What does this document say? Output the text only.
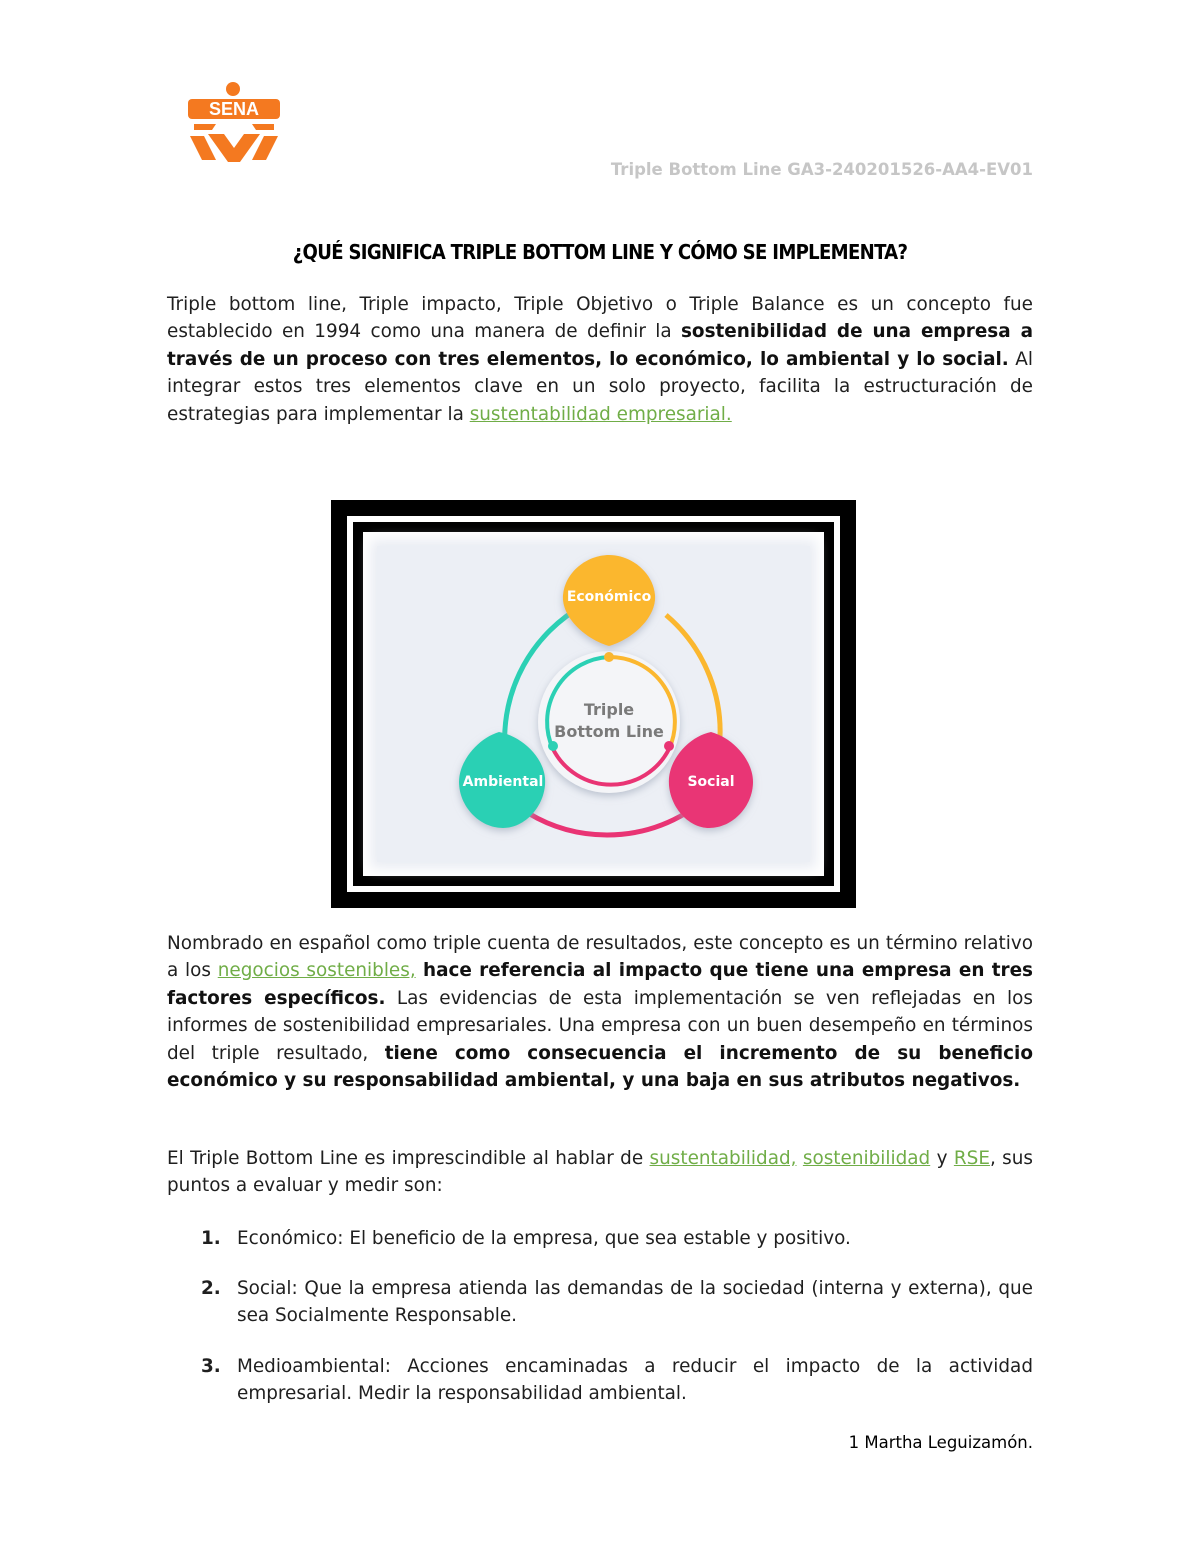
SENA
Triple Bottom Line GA3-240201526-AA4-EV01
¿QUÉ SIGNIFICA TRIPLE BOTTOM LINE Y CÓMO SE IMPLEMENTA?

Triple bottom line, Triple impacto, Triple Objetivo o Triple Balance es un concepto fue establecido en 1994 como una manera de definir la sostenibilidad de una empresa a través de un proceso con tres elementos, lo económico, lo ambiental y lo social. Al integrar estos tres elementos clave en un solo proyecto, facilita la estructuración de estrategias para implementar la sustentabilidad empresarial.

Triple
Bottom Line
Económico
Ambiental	Social

Nombrado en español como triple cuenta de resultados, este concepto es un término relativo a los negocios sostenibles, hace referencia al impacto que tiene una empresa en tres factores específicos. Las evidencias de esta implementación se ven reflejadas en los informes de sostenibilidad empresariales. Una empresa con un buen desempeño en términos del triple resultado, tiene como consecuencia el incremento de su beneficio económico y su responsabilidad ambiental, y una baja en sus atributos negativos.

El Triple Bottom Line es imprescindible al hablar de sustentabilidad, sostenibilidad y RSE, sus puntos a evaluar y medir son:

1. Económico: El beneficio de la empresa, que sea estable y positivo.
2. Social: Que la empresa atienda las demandas de la sociedad (interna y externa), que sea Socialmente Responsable.
3. Medioambiental: Acciones encaminadas a reducir el impacto de la actividad empresarial. Medir la responsabilidad ambiental.
1 Martha Leguizamón.
